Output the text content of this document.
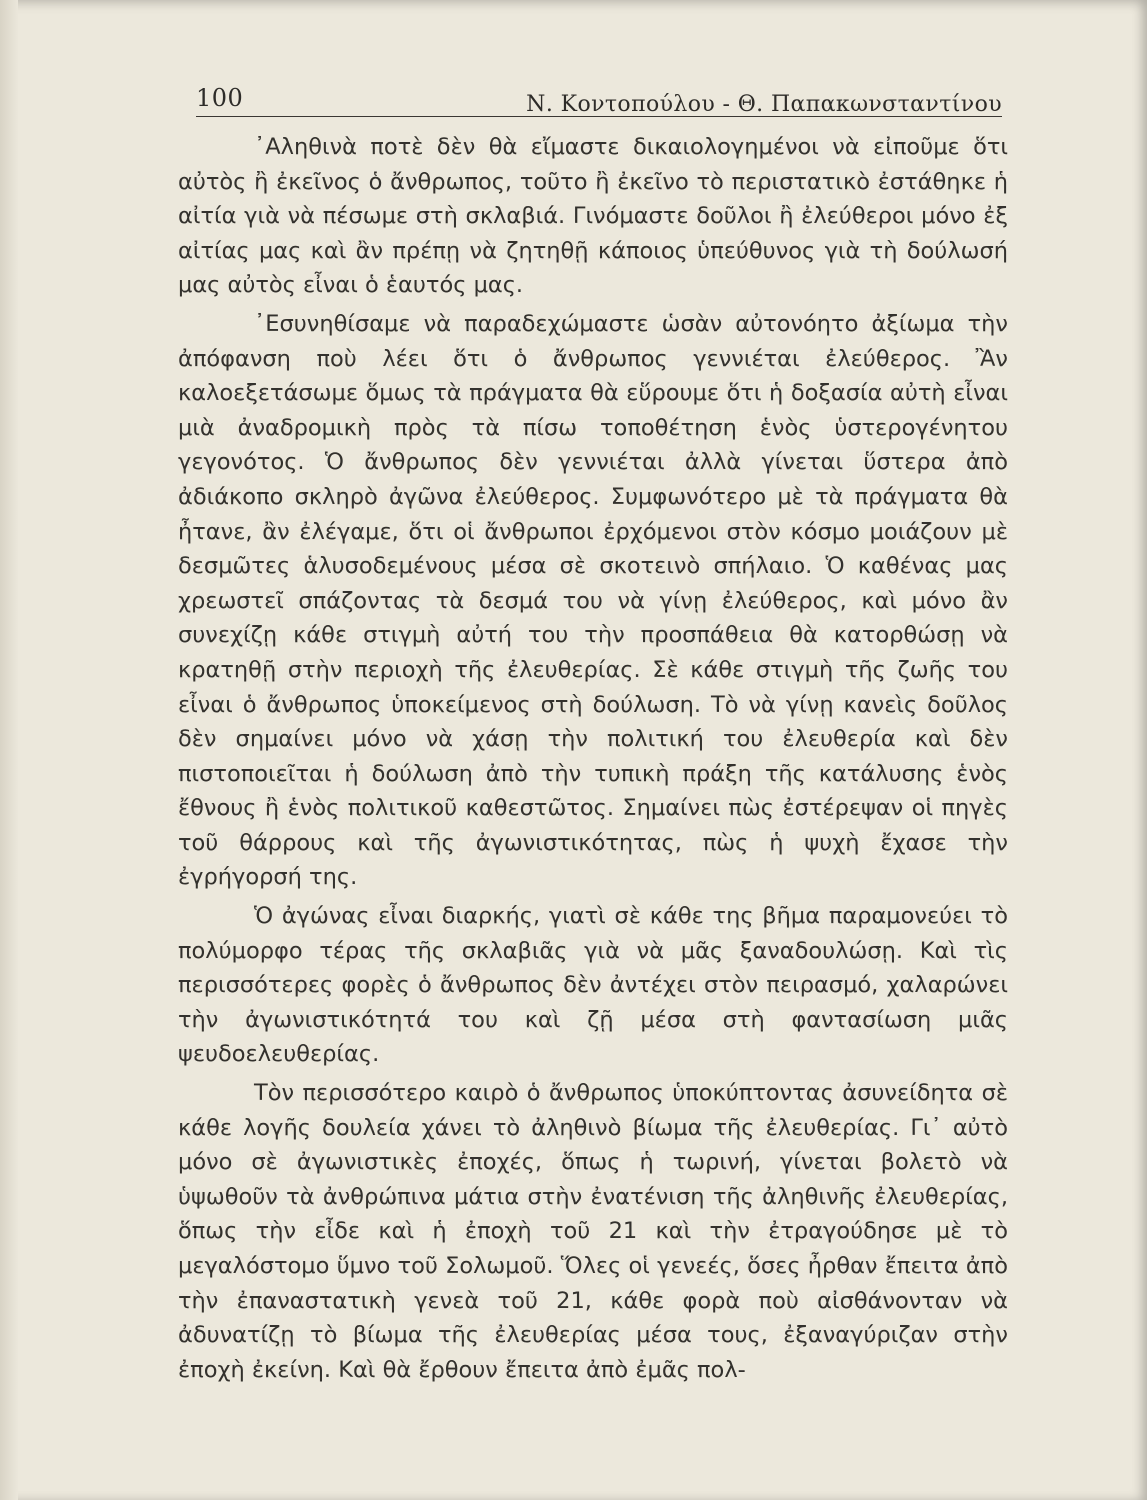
100	Ν. Κοντοπούλου - Θ. Παπακωνσταντίνου

᾿Αληθινὰ ποτὲ δὲν θὰ εἴμαστε δικαιολογημένοι νὰ εἰποῦμε ὅτι αὐτὸς ἢ ἐκεῖνος ὁ ἄνθρωπος, τοῦτο ἢ ἐκεῖνο τὸ περιστατικὸ ἐστάθηκε ἡ αἰτία γιὰ νὰ πέσωμε στὴ σκλαβιά. Γινόμαστε δοῦλοι ἢ ἐλεύθεροι μόνο ἐξ αἰτίας μας καὶ ἂν πρέπῃ νὰ ζητηθῇ κάποιος ὑπεύθυνος γιὰ τὴ δούλωσή μας αὐτὸς εἶναι ὁ ἑαυτός μας.

᾿Εσυνηθίσαμε νὰ παραδεχώμαστε ὡσὰν αὐτονόητο ἀξίωμα τὴν ἀπόφανση ποὺ λέει ὅτι ὁ ἄνθρωπος γεννιέται ἐλεύθερος. Ἂν καλοεξετάσωμε ὅμως τὰ πράγματα θὰ εὕρουμε ὅτι ἡ δοξασία αὐτὴ εἶναι μιὰ ἀναδρομικὴ πρὸς τὰ πίσω τοποθέτηση ἑνὸς ὑστερογένητου γεγονότος. Ὁ ἄνθρωπος δὲν γεννιέται ἀλλὰ γίνεται ὕστερα ἀπὸ ἀδιάκοπο σκληρὸ ἀγῶνα ἐλεύθερος. Συμφωνότερο μὲ τὰ πράγματα θὰ ἦτανε, ἂν ἐλέγαμε, ὅτι οἱ ἄνθρωποι ἐρχόμενοι στὸν κόσμο μοιάζουν μὲ δεσμῶτες ἁλυσοδεμένους μέσα σὲ σκοτεινὸ σπήλαιο. Ὁ καθένας μας χρεωστεῖ σπάζοντας τὰ δεσμά του νὰ γίνῃ ἐλεύθερος, καὶ μόνο ἂν συνεχίζῃ κάθε στιγμὴ αὐτή του τὴν προσπάθεια θὰ κατορθώσῃ νὰ κρατηθῇ στὴν περιοχὴ τῆς ἐλευθερίας. Σὲ κάθε στιγμὴ τῆς ζωῆς του εἶναι ὁ ἄνθρωπος ὑποκείμενος στὴ δούλωση. Τὸ νὰ γίνῃ κανεὶς δοῦλος δὲν σημαίνει μόνο νὰ χάσῃ τὴν πολιτική του ἐλευθερία καὶ δὲν πιστοποιεῖται ἡ δούλωση ἀπὸ τὴν τυπικὴ πράξη τῆς κατάλυσης ἑνὸς ἔθνους ἢ ἑνὸς πολιτικοῦ καθεστῶτος. Σημαίνει πὼς ἐστέρεψαν οἱ πηγὲς τοῦ θάρρους καὶ τῆς ἀγωνιστικότητας, πὼς ἡ ψυχὴ ἔχασε τὴν ἐγρήγορσή της.

Ὁ ἀγώνας εἶναι διαρκής, γιατὶ σὲ κάθε της βῆμα παραμονεύει τὸ πολύμορφο τέρας τῆς σκλαβιᾶς γιὰ νὰ μᾶς ξαναδουλώσῃ. Καὶ τὶς περισσότερες φορὲς ὁ ἄνθρωπος δὲν ἀντέχει στὸν πειρασμό, χαλαρώνει τὴν ἀγωνιστικότητά του καὶ ζῇ μέσα στὴ φαντασίωση μιᾶς ψευδοελευθερίας.

Τὸν περισσότερο καιρὸ ὁ ἄνθρωπος ὑποκύπτοντας ἀσυνείδητα σὲ κάθε λογῆς δουλεία χάνει τὸ ἀληθινὸ βίωμα τῆς ἐλευθερίας. Γι᾿ αὐτὸ μόνο σὲ ἀγωνιστικὲς ἐποχές, ὅπως ἡ τωρινή, γίνεται βολετὸ νὰ ὑψωθοῦν τὰ ἀνθρώπινα μάτια στὴν ἐνατένιση τῆς ἀληθινῆς ἐλευθερίας, ὅπως τὴν εἶδε καὶ ἡ ἐποχὴ τοῦ 21 καὶ τὴν ἐτραγούδησε μὲ τὸ μεγαλόστομο ὕμνο τοῦ Σολωμοῦ. Ὅλες οἱ γενεές, ὅσες ἦρθαν ἔπειτα ἀπὸ τὴν ἐπαναστατικὴ γενεὰ τοῦ 21, κάθε φορὰ ποὺ αἰσθάνονταν νὰ ἀδυνατίζῃ τὸ βίωμα τῆς ἐλευθερίας μέσα τους, ἐξαναγύριζαν στὴν ἐποχὴ ἐκείνη. Καὶ θὰ ἔρθουν ἔπειτα ἀπὸ ἐμᾶς πολ-
